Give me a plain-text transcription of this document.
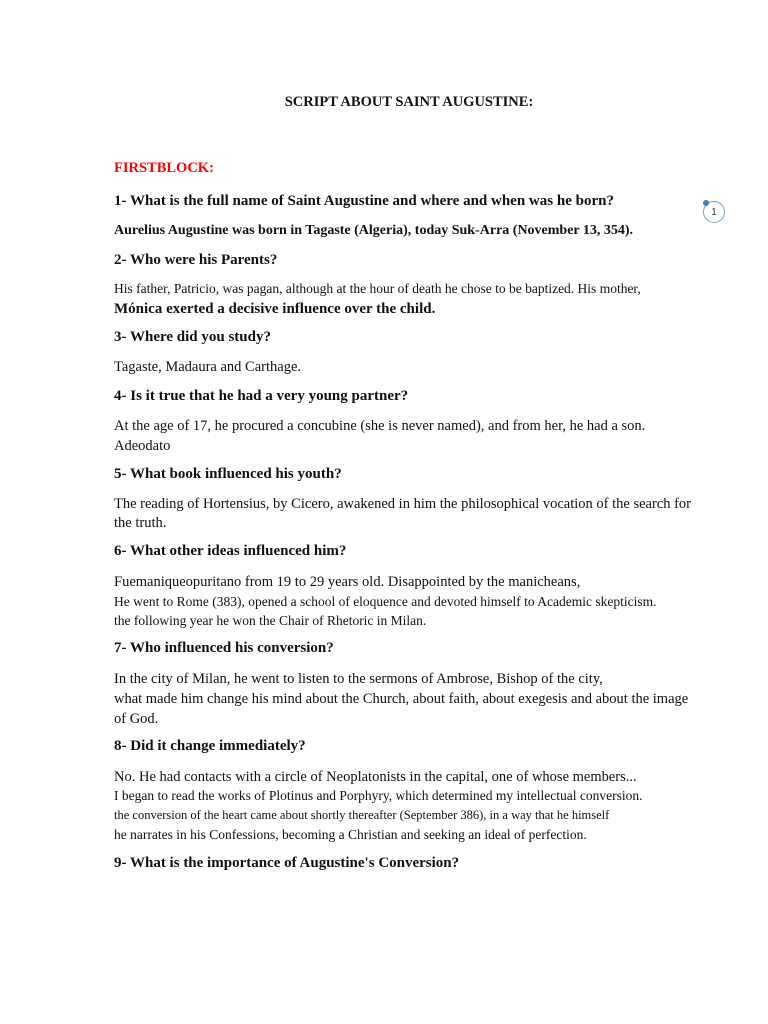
SCRIPT ABOUT SAINT AUGUSTINE:
FIRSTBLOCK:
1
1- What is the full name of Saint Augustine and where and when was he born?
Aurelius Augustine was born in Tagaste (Algeria), today Suk-Arra (November 13, 354).
2- Who were his Parents?
His father, Patricio, was pagan, although at the hour of death he chose to be baptized. His mother,
Mónica exerted a decisive influence over the child.
3- Where did you study?
Tagaste, Madaura and Carthage.
4- Is it true that he had a very young partner?
At the age of 17, he procured a concubine (she is never named), and from her, he had a son.
Adeodato
5- What book influenced his youth?
The reading of Hortensius, by Cicero, awakened in him the philosophical vocation of the search for
the truth.
6- What other ideas influenced him?
Fuemaniqueopuritano from 19 to 29 years old. Disappointed by the manicheans,
He went to Rome (383), opened a school of eloquence and devoted himself to Academic skepticism.
the following year he won the Chair of Rhetoric in Milan.
7- Who influenced his conversion?
In the city of Milan, he went to listen to the sermons of Ambrose, Bishop of the city,
what made him change his mind about the Church, about faith, about exegesis and about the image
of God.
8- Did it change immediately?
No. He had contacts with a circle of Neoplatonists in the capital, one of whose members...
I began to read the works of Plotinus and Porphyry, which determined my intellectual conversion.
the conversion of the heart came about shortly thereafter (September 386), in a way that he himself
he narrates in his Confessions, becoming a Christian and seeking an ideal of perfection.
9- What is the importance of Augustine's Conversion?
